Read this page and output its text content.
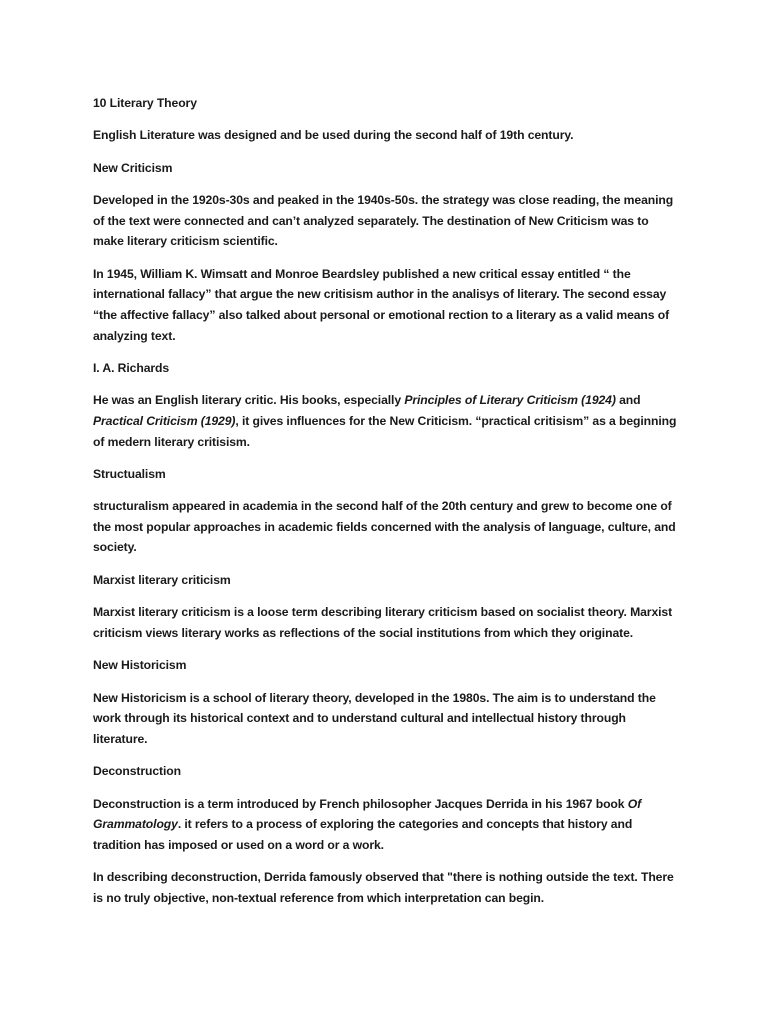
10 Literary Theory
English Literature was designed and be used during the second half of 19th century.
New Criticism
Developed in the 1920s-30s and peaked in the 1940s-50s. the strategy was close reading, the meaning of the text were connected and can’t analyzed separately. The destination of New Criticism was to make literary criticism scientific.
In 1945, William K. Wimsatt and Monroe Beardsley published a new critical essay entitled “ the international fallacy” that argue the new critisism author in the analisys of literary. The second essay “the affective fallacy” also talked about personal or emotional rection to a literary as a valid means of analyzing text.
I. A. Richards
He was an English literary critic. His books, especially Principles of Literary Criticism (1924) and Practical Criticism (1929), it gives influences for the New Criticism. “practical critisism” as a beginning of medern literary critisism.
Structualism
structuralism appeared in academia in the second half of the 20th century and grew to become one of the most popular approaches in academic fields concerned with the analysis of language, culture, and society.
Marxist literary criticism
Marxist literary criticism is a loose term describing literary criticism based on socialist theory. Marxist criticism views literary works as reflections of the social institutions from which they originate.
New Historicism
New Historicism is a school of literary theory, developed in the 1980s. The aim is to understand the work through its historical context and to understand cultural and intellectual history through literature.
Deconstruction
Deconstruction is a term introduced by French philosopher Jacques Derrida in his 1967 book Of Grammatology. it refers to a process of exploring the categories and concepts that history and tradition has imposed or used on a word or a work.
In describing deconstruction, Derrida famously observed that "there is nothing outside the text. There is no truly objective, non-textual reference from which interpretation can begin.
